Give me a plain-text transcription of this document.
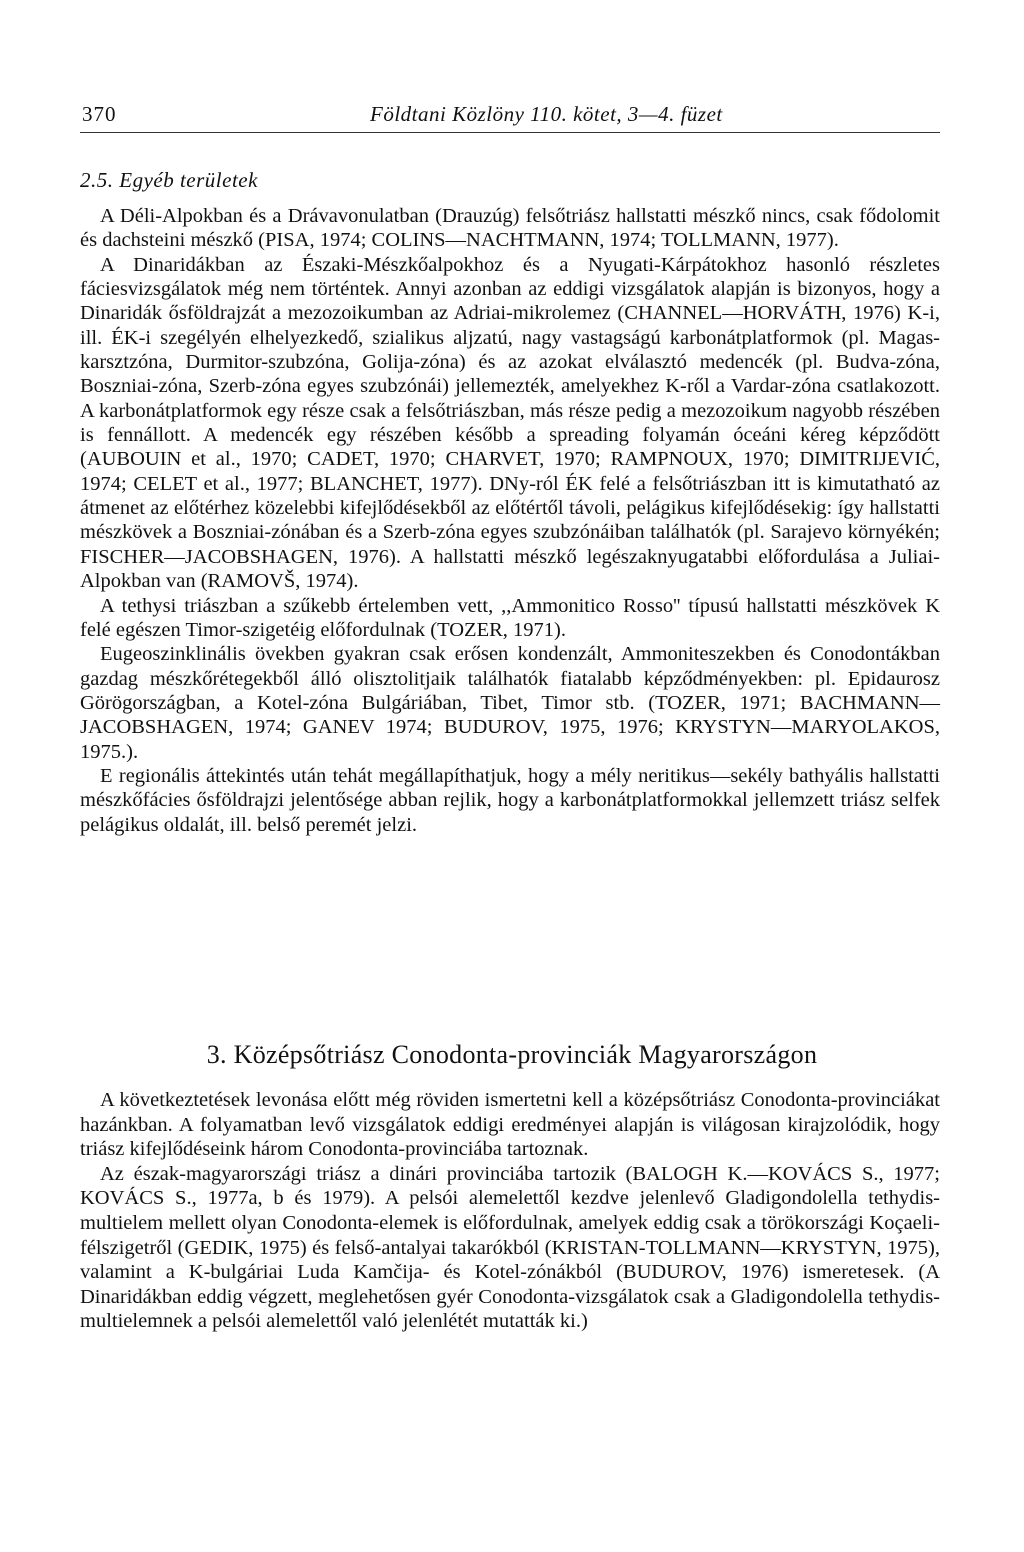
370	Földtani Közlöny 110. kötet, 3—4. füzet
2.5. Egyéb területek

A Déli-Alpokban és a Drávavonulatban (Drauzúg) felsőtriász hallstatti mészkő nincs, csak fődolomit és dachsteini mészkő (PISA, 1974; COLINS—NACHTMANN, 1974; TOLLMANN, 1977).

A Dinaridákban az Északi-Mészkőalpokhoz és a Nyugati-Kárpátokhoz hasonló részletes fáciesvizsgálatok még nem történtek. Annyi azonban az eddigi vizsgálatok alapján is bizonyos, hogy a Dinaridák ősföldrajzát a mezozoikumban az Adriai-mikrolemez (CHANNEL—HORVÁTH, 1976) K-i, ill. ÉK-i szegélyén elhelyezkedő, szialikus aljzatú, nagy vastagságú karbonátplatformok (pl. Magas-karsztzóna, Durmitor-szubzóna, Golija-zóna) és az azokat elválasztó medencék (pl. Budva-zóna, Boszniai-zóna, Szerb-zóna egyes szubzónái) jellemezték, amelyekhez K-ről a Vardar-zóna csatlakozott. A karbonátplatformok egy része csak a felsőtriászban, más része pedig a mezozoikum nagyobb részében is fennállott. A medencék egy részében később a spreading folyamán óceáni kéreg képződött (AUBOUIN et al., 1970; CADET, 1970; CHARVET, 1970; RAMPNOUX, 1970; DIMITRIJEVIĆ, 1974; CELET et al., 1977; BLANCHET, 1977). DNy-ról ÉK felé a felsőtriászban itt is kimutatható az átmenet az előtérhez közelebbi kifejlődésekből az előtértől távoli, pelágikus kifejlődésekig: így hallstatti mészkövek a Boszniai-zónában és a Szerb-zóna egyes szubzónáiban találhatók (pl. Sarajevo környékén; FISCHER—JACOBSHAGEN, 1976). A hallstatti mészkő legészaknyugatabbi előfordulása a Juliai-Alpokban van (RAMOVŠ, 1974).

A tethysi triászban a szűkebb értelemben vett, ,,Ammonitico Rosso'' típusú hallstatti mészkövek K felé egészen Timor-szigetéig előfordulnak (TOZER, 1971).

Eugeoszinklinális övekben gyakran csak erősen kondenzált, Ammoniteszekben és Conodontákban gazdag mészkőrétegekből álló olisztolitjaik találhatók fiatalabb képződményekben: pl. Epidaurosz Görögországban, a Kotel-zóna Bulgáriában, Tibet, Timor stb. (TOZER, 1971; BACHMANN—JACOBSHAGEN, 1974; GANEV 1974; BUDUROV, 1975, 1976; KRYSTYN—MARYOLAKOS, 1975.).

E regionális áttekintés után tehát megállapíthatjuk, hogy a mély neritikus—sekély bathyális hallstatti mészkőfácies ősföldrajzi jelentősége abban rejlik, hogy a karbonátplatformokkal jellemzett triász selfek pelágikus oldalát, ill. belső peremét jelzi.

3. Középsőtriász Conodonta-provinciák Magyarországon

A következtetések levonása előtt még röviden ismertetni kell a középsőtriász Conodonta-provinciákat hazánkban. A folyamatban levő vizsgálatok eddigi eredményei alapján is világosan kirajzolódik, hogy triász kifejlődéseink három Conodonta-provinciába tartoznak.

Az észak-magyarországi triász a dinári provinciába tartozik (BALOGH K.—KOVÁCS S., 1977; KOVÁCS S., 1977a, b és 1979). A pelsói alemelettől kezdve jelenlevő Gladigondolella tethydis-multielem mellett olyan Conodonta-elemek is előfordulnak, amelyek eddig csak a törökországi Koçaeli-félszigetről (GEDIK, 1975) és felső-antalyai takarókból (KRISTAN-TOLLMANN—KRYSTYN, 1975), valamint a K-bulgáriai Luda Kamčija- és Kotel-zónákból (BUDUROV, 1976) ismeretesek. (A Dinaridákban eddig végzett, meglehetősen gyér Conodonta-vizsgálatok csak a Gladigondolella tethydis-multielemnek a pelsói alemelettől való jelenlétét mutatták ki.)
